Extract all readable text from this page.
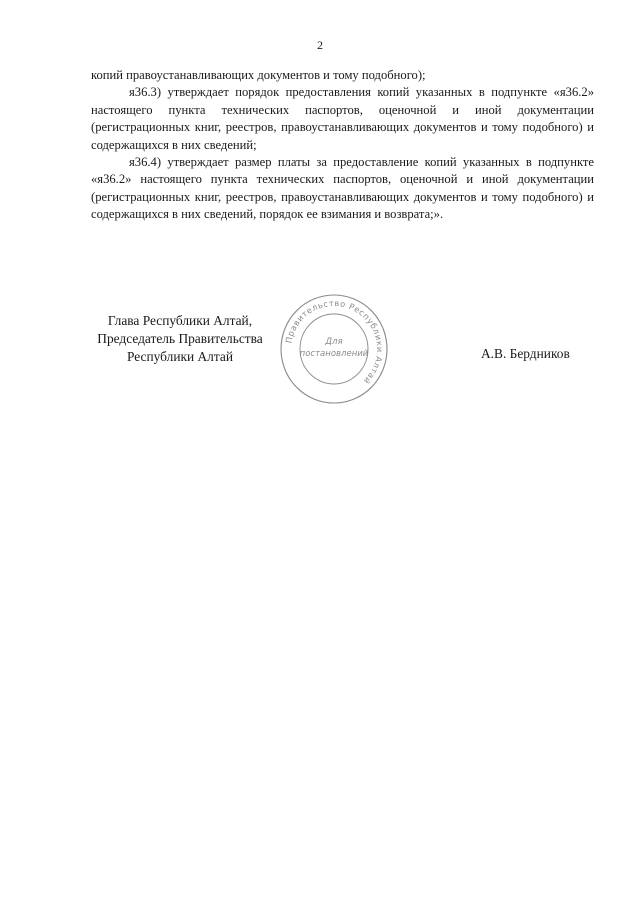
2

копий правоустанавливающих документов и тому подобного);

я36.3) утверждает порядок предоставления копий указанных в подпункте «я36.2» настоящего пункта технических паспортов, оценочной и иной документации (регистрационных книг, реестров, правоустанавливающих документов и тому подобного) и содержащихся в них сведений;

я36.4) утверждает размер платы за предоставление копий указанных в подпункте «я36.2» настоящего пункта технических паспортов, оценочной и иной документации (регистрационных книг, реестров, правоустанавливающих документов и тому подобного) и содержащихся в них сведений, порядок ее взимания и возврата;».

Глава Республики Алтай,
Председатель Правительства
Республики Алтай
Правительство Республики Алтай
Для
постановлений	А.В. Бердников
